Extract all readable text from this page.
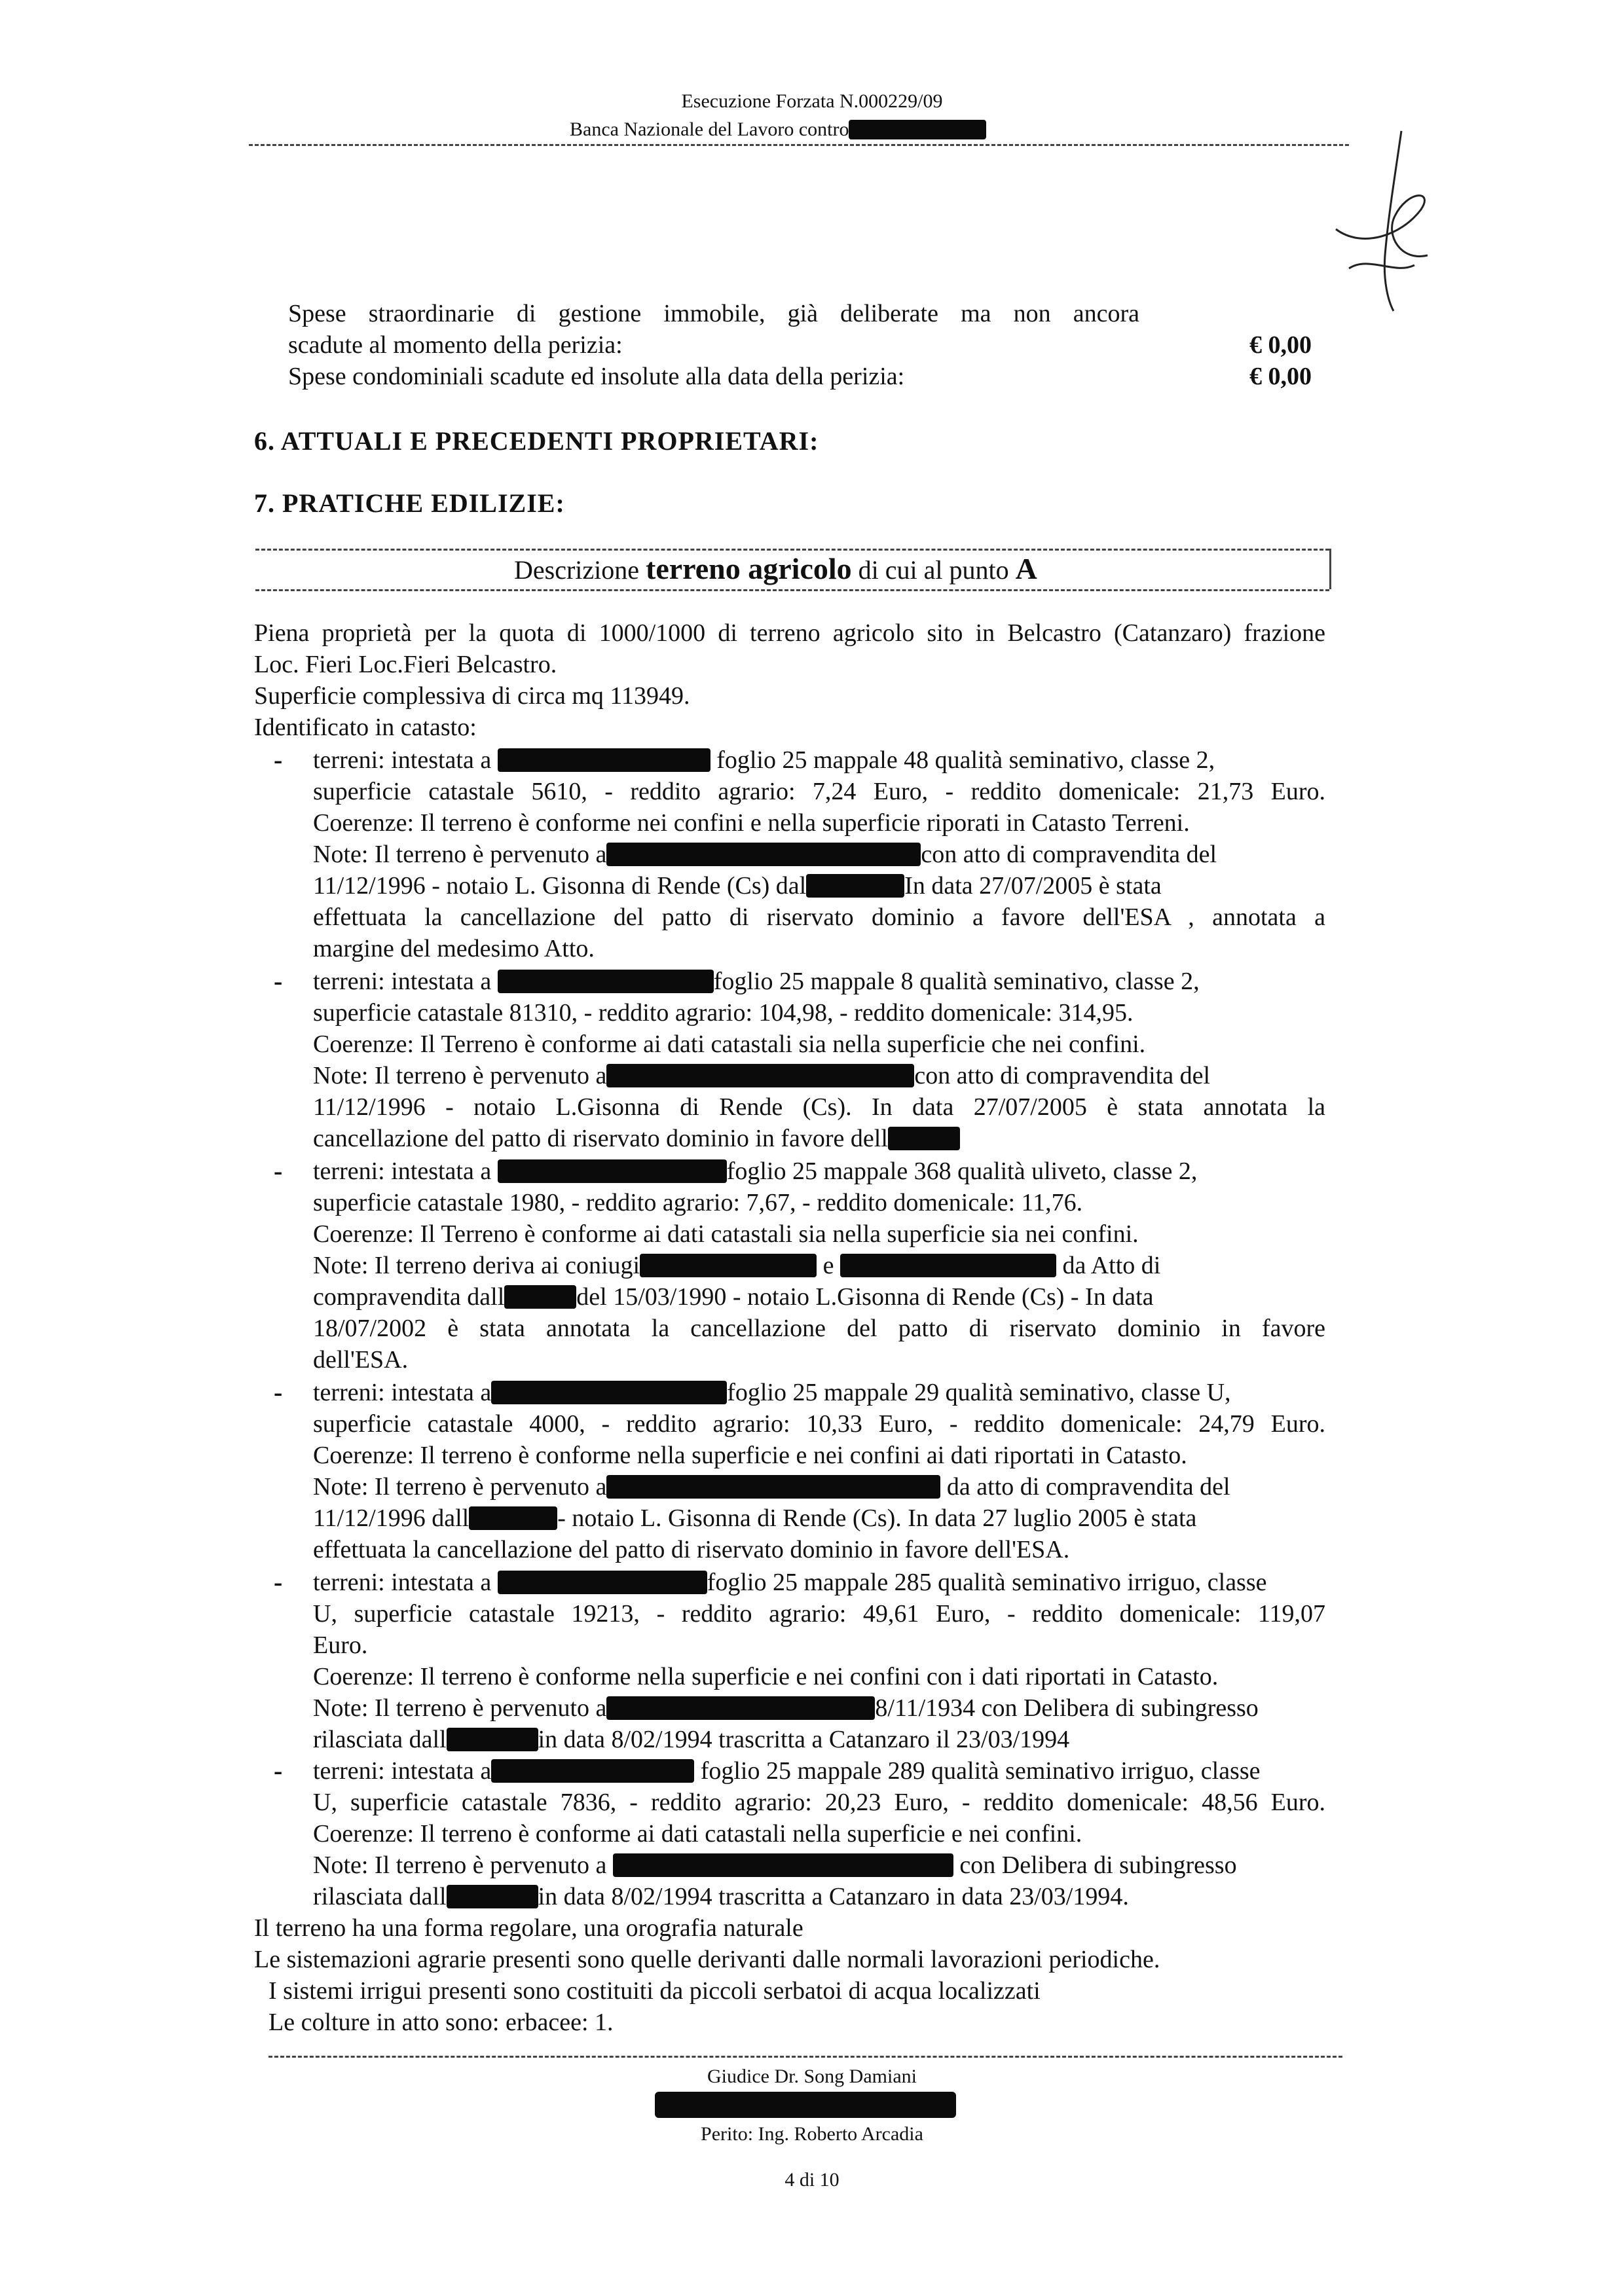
Esecuzione Forzata N.000229/09
Banca Nazionale del Lavoro contro
Spese straordinarie di gestione immobile, già deliberate ma non ancora
scadute al momento della perizia:	€ 0,00
Spese condominiali scadute ed insolute alla data della perizia:	€ 0,00
6. ATTUALI E PRECEDENTI PROPRIETARI:
7. PRATICHE EDILIZIE:
Descrizione terreno agricolo di cui al punto A
Piena proprietà per la quota di 1000/1000 di terreno agricolo sito in Belcastro (Catanzaro) frazione
Loc. Fieri Loc.Fieri Belcastro.
Superficie complessiva di circa mq 113949.
Identificato in catasto:
- terreni: intestata a	foglio 25 mappale 48 qualità seminativo, classe 2,
superficie catastale 5610, - reddito agrario: 7,24 Euro, - reddito domenicale: 21,73 Euro.
Coerenze: Il terreno è conforme nei confini e nella superficie riporati in Catasto Terreni.
Note: Il terreno è pervenuto a	con atto di compravendita del
11/12/1996 - notaio L. Gisonna di Rende (Cs) dal	In data 27/07/2005 è stata
effettuata la cancellazione del patto di riservato dominio a favore dell'ESA , annotata a
margine del medesimo Atto.
- terreni: intestata a	foglio 25 mappale 8 qualità seminativo, classe 2,
superficie catastale 81310, - reddito agrario: 104,98, - reddito domenicale: 314,95.
Coerenze: Il Terreno è conforme ai dati catastali sia nella superficie che nei confini.
Note: Il terreno è pervenuto a	con atto di compravendita del
11/12/1996 - notaio L.Gisonna di Rende (Cs). In data 27/07/2005 è stata annotata la
cancellazione del patto di riservato dominio in favore dell
- terreni: intestata a	foglio 25 mappale 368 qualità uliveto, classe 2,
superficie catastale 1980, - reddito agrario: 7,67, - reddito domenicale: 11,76.
Coerenze: Il Terreno è conforme ai dati catastali sia nella superficie sia nei confini.
Note: Il terreno deriva ai coniugi	e	da Atto di
compravendita dall	del 15/03/1990 - notaio L.Gisonna di Rende (Cs) - In data
18/07/2002 è stata annotata la cancellazione del patto di riservato dominio in favore
dell'ESA.
- terreni: intestata a	foglio 25 mappale 29 qualità seminativo, classe U,
superficie catastale 4000, - reddito agrario: 10,33 Euro, - reddito domenicale: 24,79 Euro.
Coerenze: Il terreno è conforme nella superficie e nei confini ai dati riportati in Catasto.
Note: Il terreno è pervenuto a	da atto di compravendita del
11/12/1996 dall	- notaio L. Gisonna di Rende (Cs). In data 27 luglio 2005 è stata
effettuata la cancellazione del patto di riservato dominio in favore dell'ESA.
- terreni: intestata a	foglio 25 mappale 285 qualità seminativo irriguo, classe
U, superficie catastale 19213, - reddito agrario: 49,61 Euro, - reddito domenicale: 119,07
Euro.
Coerenze: Il terreno è conforme nella superficie e nei confini con i dati riportati in Catasto.
Note: Il terreno è pervenuto a	8/11/1934 con Delibera di subingresso
rilasciata dall	in data 8/02/1994 trascritta a Catanzaro il 23/03/1994
- terreni: intestata a	foglio 25 mappale 289 qualità seminativo irriguo, classe
U, superficie catastale 7836, - reddito agrario: 20,23 Euro, - reddito domenicale: 48,56 Euro.
Coerenze: Il terreno è conforme ai dati catastali nella superficie e nei confini.
Note: Il terreno è pervenuto a	con Delibera di subingresso
rilasciata dall	in data 8/02/1994 trascritta a Catanzaro in data 23/03/1994.
Il terreno ha una forma regolare, una orografia naturale
Le sistemazioni agrarie presenti sono quelle derivanti dalle normali lavorazioni periodiche.
I sistemi irrigui presenti sono costituiti da piccoli serbatoi di acqua localizzati
Le colture in atto sono: erbacee: 1.
Giudice Dr. Song Damiani
Perito: Ing. Roberto Arcadia
4 di 10
